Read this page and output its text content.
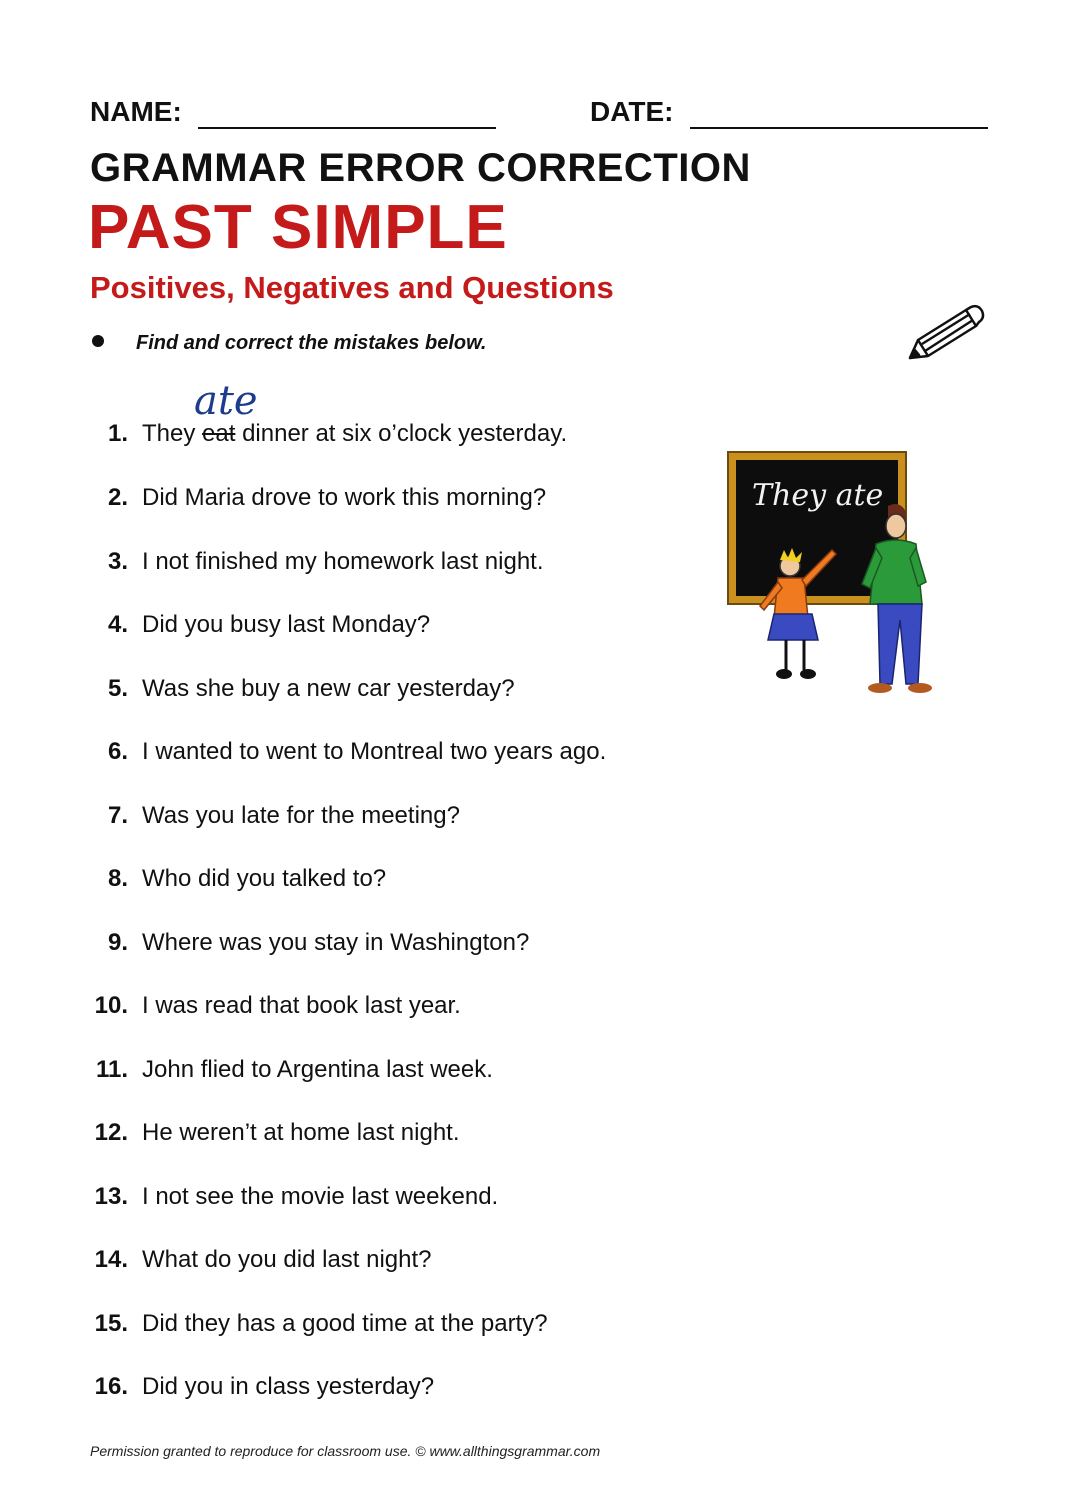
NAME:	DATE:
GRAMMAR ERROR CORRECTION
PAST SIMPLE
Positives, Negatives and Questions
Find and correct the mistakes below.
ate
1. They eat dinner at six o’clock yesterday.
2. Did Maria drove to work this morning?
3. I not finished my homework last night.
4. Did you busy last Monday?
5. Was she buy a new car yesterday?
6. I wanted to went to Montreal two years ago.
7. Was you late for the meeting?
8. Who did you talked to?
9. Where was you stay in Washington?
10. I was read that book last year.
11. John flied to Argentina last week.
12. He weren’t at home last night.
13. I not see the movie last weekend.
14. What do you did last night?
15. Did they has a good time at the party?
16. Did you in class yesterday?
They ate
Permission granted to reproduce for classroom use. © www.allthingsgrammar.com
